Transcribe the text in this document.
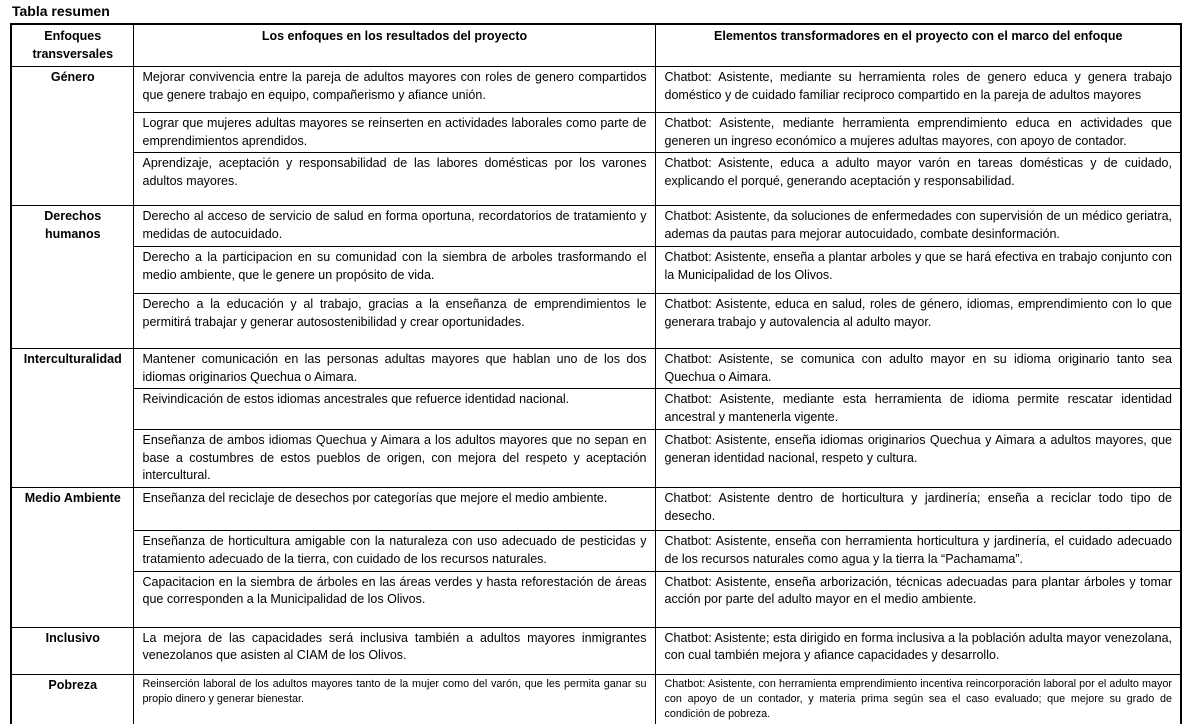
Tabla resumen

Enfoques transversales	Los enfoques en los resultados del proyecto	Elementos transformadores en el proyecto con el marco del enfoque
Género	Mejorar convivencia entre la pareja de adultos mayores con roles de genero compartidos que genere trabajo en equipo, compañerismo y afiance unión.	Chatbot: Asistente, mediante su herramienta roles de genero educa y genera trabajo doméstico y de cuidado familiar reciproco compartido en la pareja de adultos mayores
	Lograr que mujeres adultas mayores se reinserten en actividades laborales como parte de emprendimientos aprendidos.	Chatbot: Asistente, mediante herramienta emprendimiento educa en actividades que generen un ingreso económico a mujeres adultas mayores, con apoyo de contador.
	Aprendizaje, aceptación y responsabilidad de las labores domésticas por los varones adultos mayores.	Chatbot: Asistente, educa a adulto mayor varón en tareas domésticas y de cuidado, explicando el porqué, generando aceptación y responsabilidad.
Derechos humanos	Derecho al acceso de servicio de salud en forma oportuna, recordatorios de tratamiento y medidas de autocuidado.	Chatbot: Asistente, da soluciones de enfermedades con supervisión de un médico geriatra, ademas da pautas para mejorar autocuidado, combate desinformación.
	Derecho a la participacion en su comunidad con la siembra de arboles trasformando el medio ambiente, que le genere un propósito de vida.	Chatbot: Asistente, enseña a plantar arboles y que se hará efectiva en trabajo conjunto con la Municipalidad de los Olivos.
	Derecho a la educación y al trabajo, gracias a la enseñanza de emprendimientos le permitirá trabajar y generar autosostenibilidad y crear oportunidades.	Chatbot: Asistente, educa en salud, roles de género, idiomas, emprendimiento con lo que generara trabajo y autovalencia al adulto mayor.
Interculturalidad	Mantener comunicación en las personas adultas mayores que hablan uno de los dos idiomas originarios Quechua o Aimara.	Chatbot: Asistente, se comunica con adulto mayor en su idioma originario tanto sea Quechua o Aimara.
	Reivindicación de estos idiomas ancestrales que refuerce identidad nacional.	Chatbot: Asistente, mediante esta herramienta de idioma permite rescatar identidad ancestral y mantenerla vigente.
	Enseñanza de ambos idiomas Quechua y Aimara a los adultos mayores que no sepan en base a costumbres de estos pueblos de origen, con mejora del respeto y aceptación intercultural.	Chatbot: Asistente, enseña idiomas originarios Quechua y Aimara a adultos mayores, que generan identidad nacional, respeto y cultura.
Medio Ambiente	Enseñanza del reciclaje de desechos por categorías que mejore el medio ambiente.	Chatbot: Asistente dentro de horticultura y jardinería; enseña a reciclar todo tipo de desecho.
	Enseñanza de horticultura amigable con la naturaleza con uso adecuado de pesticidas y tratamiento adecuado de la tierra, con cuidado de los recursos naturales.	Chatbot: Asistente, enseña con herramienta horticultura y jardinería, el cuidado adecuado de los recursos naturales como agua y la tierra la “Pachamama”.
	Capacitacion en la siembra de árboles en las áreas verdes y hasta reforestación de áreas que corresponden a la Municipalidad de los Olivos.	Chatbot: Asistente, enseña arborización, técnicas adecuadas para plantar árboles y tomar acción por parte del adulto mayor en el medio ambiente.
Inclusivo	La mejora de las capacidades será inclusiva también a adultos mayores inmigrantes venezolanos que asisten al CIAM de los Olivos.	Chatbot: Asistente; esta dirigido en forma inclusiva a la población adulta mayor venezolana, con cual también mejora y afiance capacidades y desarrollo.
Pobreza	Reinserción laboral de los adultos mayores tanto de la mujer como del varón, que les permita ganar su propio dinero y generar bienestar.	Chatbot: Asistente, con herramienta emprendimiento incentiva reincorporación laboral por el adulto mayor con apoyo de un contador, y materia prima según sea el caso evaluado; que mejore su grado de condición de pobreza.
